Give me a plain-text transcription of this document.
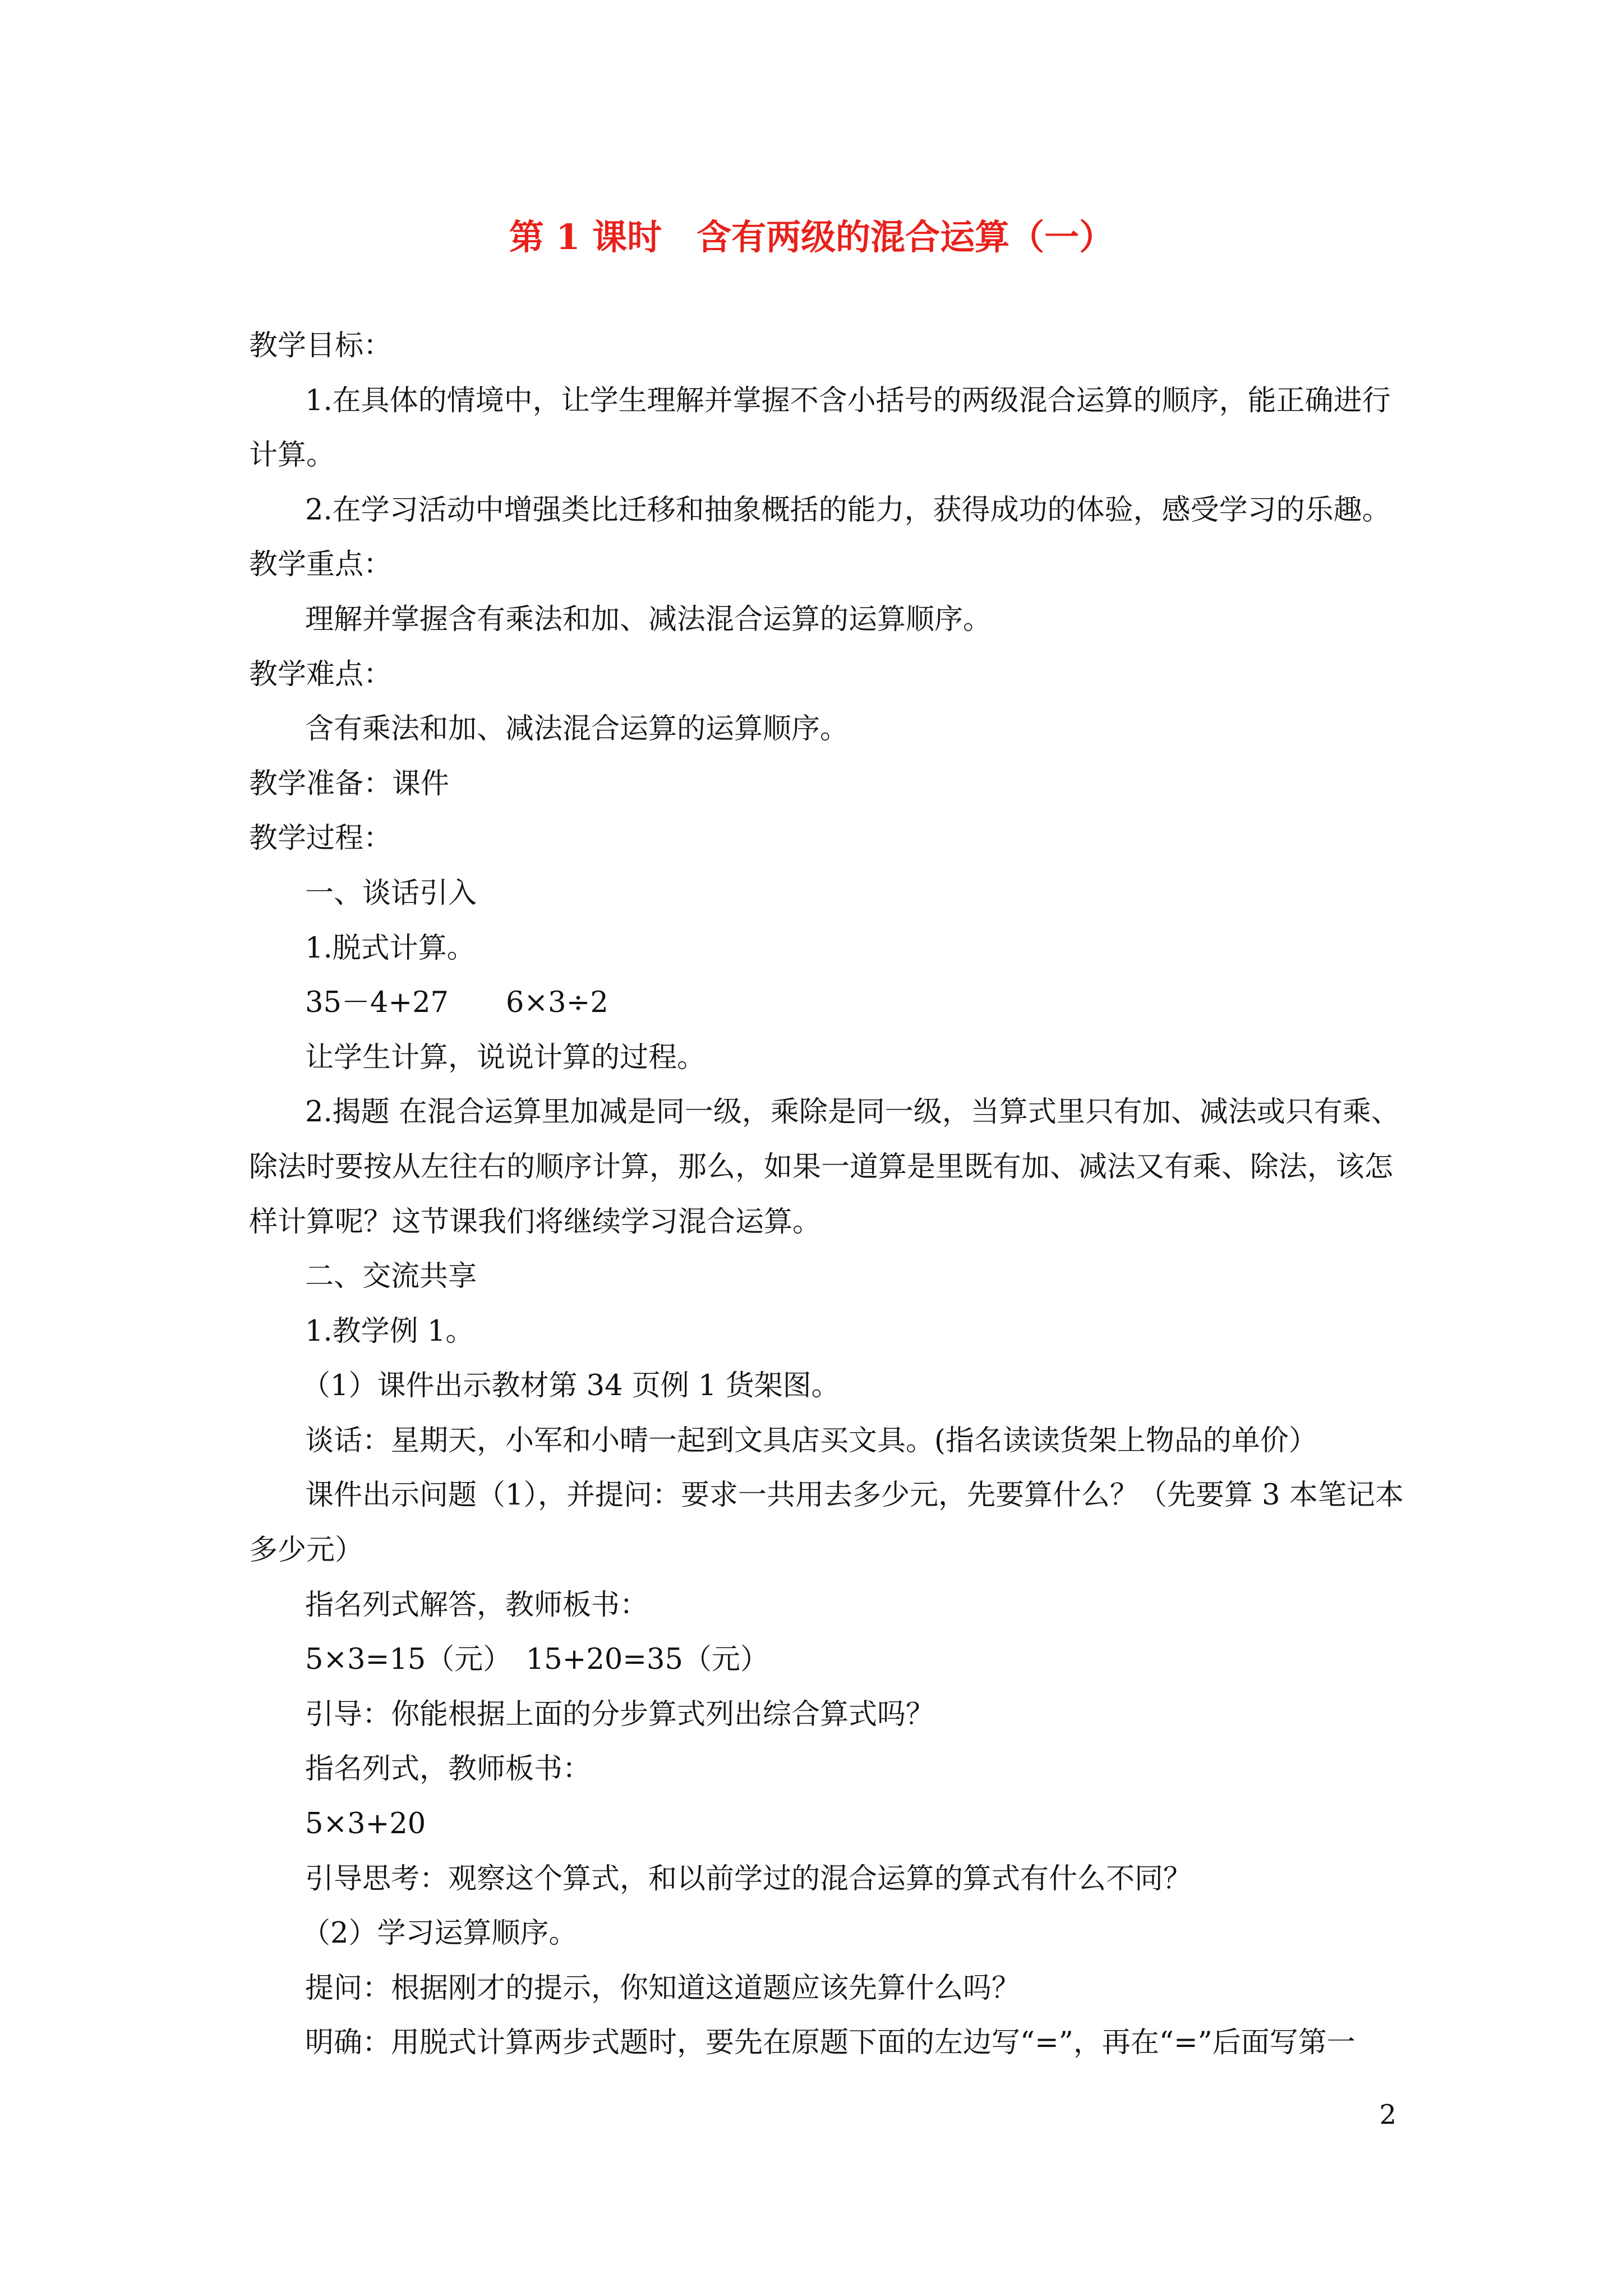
第 1 课时　含有两级的混合运算（一）
教学目标：
1.在具体的情境中，让学生理解并掌握不含小括号的两级混合运算的顺序，能正确进行
计算。
2.在学习活动中增强类比迁移和抽象概括的能力，获得成功的体验，感受学习的乐趣。
教学重点：
理解并掌握含有乘法和加、减法混合运算的运算顺序。
教学难点：
含有乘法和加、减法混合运算的运算顺序。
教学准备：课件
教学过程：
一、谈话引入
1.脱式计算。
35－4+27　　6×3÷2
让学生计算，说说计算的过程。
2.揭题 在混合运算里加减是同一级，乘除是同一级，当算式里只有加、减法或只有乘、
除法时要按从左往右的顺序计算，那么，如果一道算是里既有加、减法又有乘、除法，该怎
样计算呢？这节课我们将继续学习混合运算。
二、交流共享
1.教学例 1。
（1）课件出示教材第 34 页例 1 货架图。
谈话：星期天，小军和小晴一起到文具店买文具。(指名读读货架上物品的单价）
课件出示问题（1），并提问：要求一共用去多少元，先要算什么？（先要算 3 本笔记本
多少元）
指名列式解答，教师板书：
5×3=15（元）　15+20=35（元）
引导：你能根据上面的分步算式列出综合算式吗？
指名列式，教师板书：
5×3+20
引导思考：观察这个算式，和以前学过的混合运算的算式有什么不同？
（2）学习运算顺序。
提问：根据刚才的提示，你知道这道题应该先算什么吗？
明确：用脱式计算两步式题时，要先在原题下面的左边写“=”，再在“=”后面写第一
2
